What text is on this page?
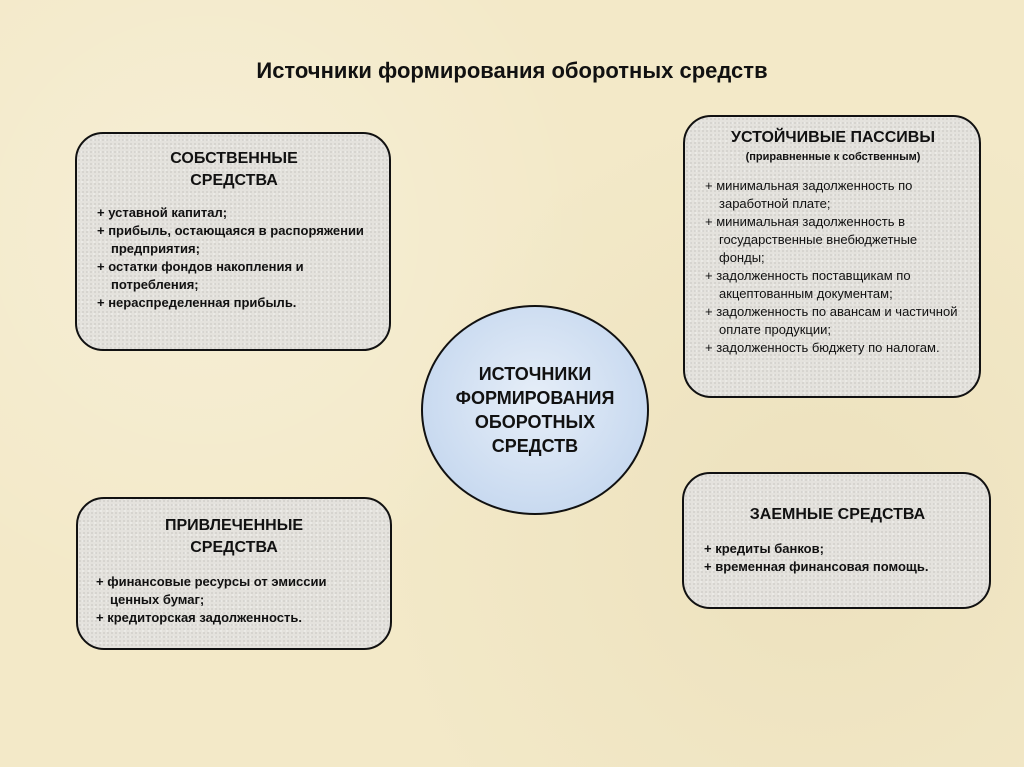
Источники формирования оборотных средств
СОБСТВЕННЫЕ
СРЕДСТВА
+ уставной капитал;
+ прибыль, остающаяся в распоряжении предприятия;
+ остатки фондов накопления и потребления;
+ нераспределенная прибыль.
УСТОЙЧИВЫЕ ПАССИВЫ
(приравненные к собственным)
+ минимальная задолженность по заработной плате;
+ минимальная задолженность в государственные внебюджетные фонды;
+ задолженность поставщикам по акцептованным документам;
+ задолженность по авансам и частичной оплате продукции;
+ задолженность бюджету по налогам.
ИСТОЧНИКИ
ФОРМИРОВАНИЯ
ОБОРОТНЫХ
СРЕДСТВ
ПРИВЛЕЧЕННЫЕ
СРЕДСТВА
+ финансовые ресурсы от эмиссии ценных бумаг;
+ кредиторская задолженность.
ЗАЕМНЫЕ СРЕДСТВА
+ кредиты банков;
+ временная финансовая помощь.
